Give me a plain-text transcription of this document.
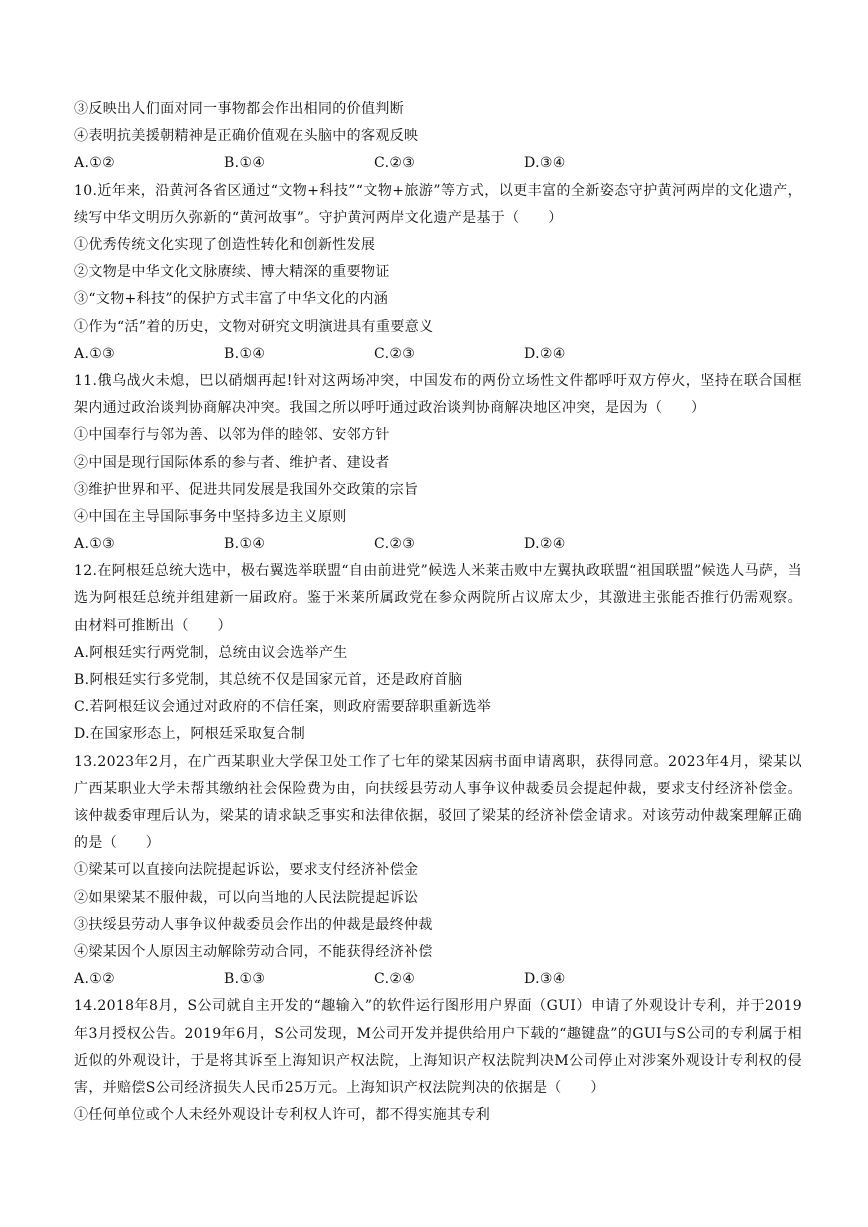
③反映出人们面对同一事物都会作出相同的价值判断
④表明抗美援朝精神是正确价值观在头脑中的客观反映
A.①②	B.①④	C.②③	D.③④
10.近年来，沿黄河各省区通过“文物+科技”“文物+旅游”等方式，以更丰富的全新姿态守护黄河两岸的文化遗产，续写中华文明历久弥新的“黄河故事”。守护黄河两岸文化遗产是基于（　　）
①优秀传统文化实现了创造性转化和创新性发展
②文物是中华文化文脉赓续、博大精深的重要物证
③“文物+科技”的保护方式丰富了中华文化的内涵
①作为“活”着的历史，文物对研究文明演进具有重要意义
A.①③	B.①④	C.②③	D.②④
11.俄乌战火未熄，巴以硝烟再起!针对这两场冲突，中国发布的两份立场性文件都呼吁双方停火，坚持在联合国框架内通过政治谈判协商解决冲突。我国之所以呼吁通过政治谈判协商解决地区冲突，是因为（　　）
①中国奉行与邻为善、以邻为伴的睦邻、安邻方针
②中国是现行国际体系的参与者、维护者、建设者
③维护世界和平、促进共同发展是我国外交政策的宗旨
④中国在主导国际事务中坚持多边主义原则
A.①③	B.①④	C.②③	D.②④
12.在阿根廷总统大选中，极右翼选举联盟“自由前进党”候选人米莱击败中左翼执政联盟“祖国联盟”候选人马萨，当选为阿根廷总统并组建新一届政府。鉴于米莱所属政党在参众两院所占议席太少，其激进主张能否推行仍需观察。由材料可推断出（　　）
A.阿根廷实行两党制，总统由议会选举产生
B.阿根廷实行多党制，其总统不仅是国家元首，还是政府首脑
C.若阿根廷议会通过对政府的不信任案，则政府需要辞职重新选举
D.在国家形态上，阿根廷采取复合制
13.2023年2月，在广西某职业大学保卫处工作了七年的梁某因病书面申请离职，获得同意。2023年4月，梁某以广西某职业大学未帮其缴纳社会保险费为由，向扶绥县劳动人事争议仲裁委员会提起仲裁，要求支付经济补偿金。该仲裁委审理后认为，梁某的请求缺乏事实和法律依据，驳回了梁某的经济补偿金请求。对该劳动仲裁案理解正确的是（　　）
①梁某可以直接向法院提起诉讼，要求支付经济补偿金
②如果梁某不服仲裁，可以向当地的人民法院提起诉讼
③扶绥县劳动人事争议仲裁委员会作出的仲裁是最终仲裁
④梁某因个人原因主动解除劳动合同，不能获得经济补偿
A.①②	B.①③	C.②④	D.③④
14.2018年8月，S公司就自主开发的“趣输入”的软件运行图形用户界面（GUI）申请了外观设计专利，并于2019年3月授权公告。2019年6月，S公司发现，M公司开发并提供给用户下载的“趣键盘”的GUI与S公司的专利属于相近似的外观设计，于是将其诉至上海知识产权法院，上海知识产权法院判决M公司停止对涉案外观设计专利权的侵害，并赔偿S公司经济损失人民币25万元。上海知识产权法院判决的依据是（　　）
①任何单位或个人未经外观设计专利权人许可，都不得实施其专利
